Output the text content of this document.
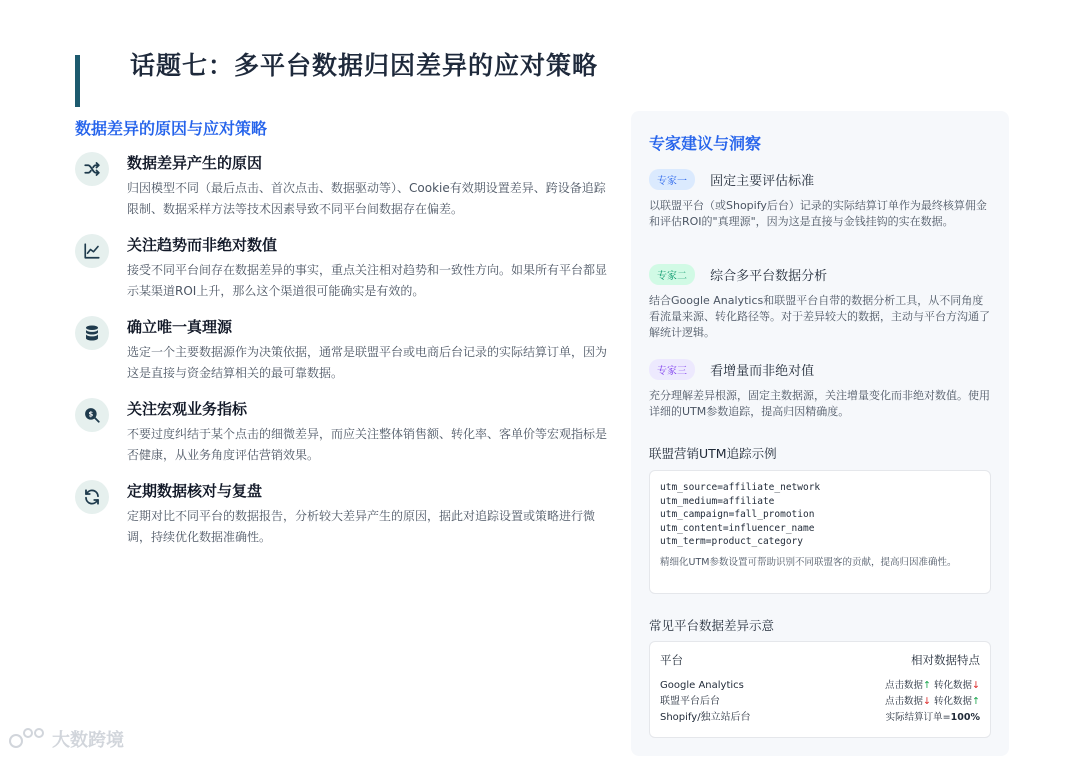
话题七：多平台数据归因差异的应对策略
数据差异的原因与应对策略
数据差异产生的原因
归因模型不同（最后点击、首次点击、数据驱动等）、Cookie有效期设置差异、跨设备追踪限制、数据采样方法等技术因素导致不同平台间数据存在偏差。
关注趋势而非绝对数值
接受不同平台间存在数据差异的事实，重点关注相对趋势和一致性方向。如果所有平台都显示某渠道ROI上升，那么这个渠道很可能确实是有效的。
确立唯一真理源
选定一个主要数据源作为决策依据，通常是联盟平台或电商后台记录的实际结算订单，因为这是直接与资金结算相关的最可靠数据。
$ 关注宏观业务指标
不要过度纠结于某个点击的细微差异，而应关注整体销售额、转化率、客单价等宏观指标是否健康，从业务角度评估营销效果。
定期数据核对与复盘
定期对比不同平台的数据报告，分析较大差异产生的原因，据此对追踪设置或策略进行微调，持续优化数据准确性。
专家建议与洞察
专家一 固定主要评估标准
以联盟平台（或Shopify后台）记录的实际结算订单作为最终核算佣金和评估ROI的"真理源"，因为这是直接与金钱挂钩的实在数据。
专家二 综合多平台数据分析
结合Google Analytics和联盟平台自带的数据分析工具，从不同角度看流量来源、转化路径等。对于差异较大的数据，主动与平台方沟通了解统计逻辑。
专家三 看增量而非绝对值
充分理解差异根源，固定主数据源，关注增量变化而非绝对数值。使用详细的UTM参数追踪，提高归因精确度。
联盟营销UTM追踪示例
utm_source=affiliate_network
utm_medium=affiliate
utm_campaign=fall_promotion
utm_content=influencer_name
utm_term=product_category
精细化UTM参数设置可帮助识别不同联盟客的贡献，提高归因准确性。
常见平台数据差异示意
平台	相对数据特点
Google Analytics	点击数据↑ 转化数据↓
联盟平台后台	点击数据↓ 转化数据↑
Shopify/独立站后台	实际结算订单=100%
大数跨境
